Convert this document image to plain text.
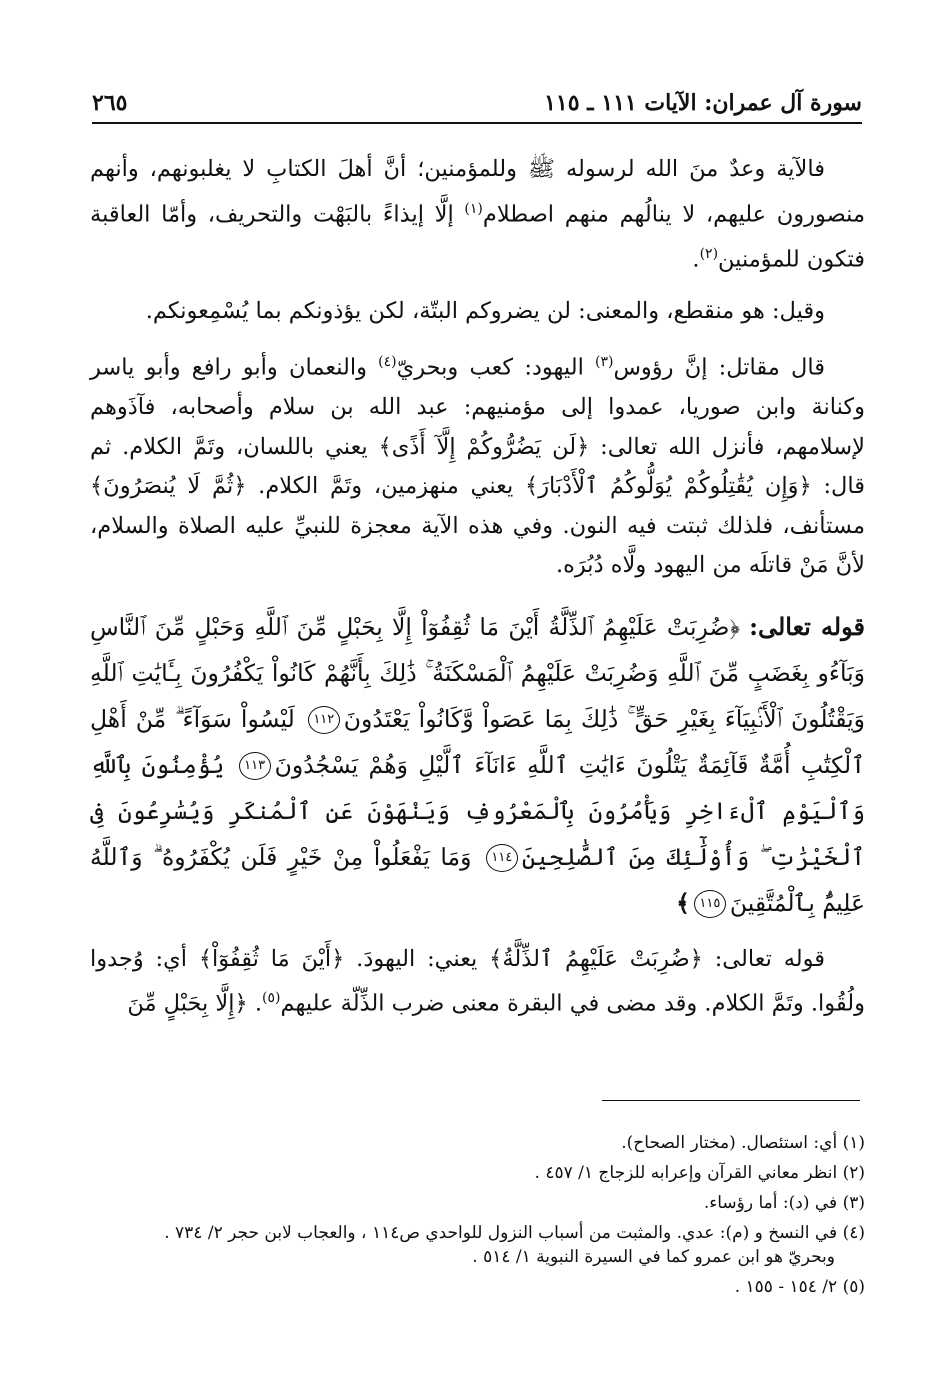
سورة آل عمران: الآيات ١١١ ـ ١١٥
٢٦٥

فالآية وعدٌ منَ الله لرسوله ﷺ وللمؤمنين؛ أنَّ أهلَ الكتابِ لا يغلبونهم، وأنهم منصورون عليهم، لا ينالُهم منهم اصطلام$^{(١)}$ إلَّا إيذاءً بالبَهْت والتحريف، وأمّا العاقبة فتكون للمؤمنين$^{(٢)}$.

وقيل: هو منقطع، والمعنى: لن يضروكم البتّة، لكن يؤذونكم بما يُسْمِعونكم.

قال مقاتل: إنَّ رؤوس$^{(٣)}$ اليهود: كعب وبحريّ$^{(٤)}$ والنعمان وأبو رافع وأبو ياسر وكنانة وابن صوريا، عمدوا إلى مؤمنيهم: عبد الله بن سلام وأصحابه، فآذَوهم لإسلامهم، فأنزل الله تعالى: ﴿لَن يَضُرُّوكُمْ إِلَّآ أَذًى﴾ يعني باللسان، وتَمَّ الكلام. ثم قال: ﴿وَإِن يُقَٰتِلُوكُمْ يُوَلُّوكُمُ ٱلْأَدْبَارَ﴾ يعني منهزمين، وتَمَّ الكلام. ﴿ثُمَّ لَا يُنصَرُونَ﴾ مستأنف، فلذلك ثبتت فيه النون. وفي هذه الآية معجزة للنبيِّ عليه الصلاة والسلام، لأنَّ مَنْ قاتلَه من اليهود ولَّاه دُبُرَه.

قوله تعالى: ﴿ضُرِبَتْ عَلَيْهِمُ ٱلذِّلَّةُ أَيْنَ مَا ثُقِفُوٓاْ إِلَّا بِحَبْلٍ مِّنَ ٱللَّهِ وَحَبْلٍ مِّنَ ٱلنَّاسِ وَبَآءُو بِغَضَبٍ مِّنَ ٱللَّهِ وَضُرِبَتْ عَلَيْهِمُ ٱلْمَسْكَنَةُ ۚ ذَٰلِكَ بِأَنَّهُمْ كَانُواْ يَكْفُرُونَ بِـَٔايَٰتِ ٱللَّهِ وَيَقْتُلُونَ ٱلْأَنۢبِيَآءَ بِغَيْرِ حَقٍّ ۚ ذَٰلِكَ بِمَا عَصَواْ وَّكَانُواْ يَعْتَدُونَ١١٢ لَيْسُواْ سَوَآءً ۗ مِّنْ أَهْلِ ٱلْكِتَٰبِ أُمَّةٌ قَآئِمَةٌ يَتْلُونَ ءَايَٰتِ ٱللَّهِ ءَانَآءَ ٱلَّيْلِ وَهُمْ يَسْجُدُونَ١١٣ يُؤْمِنُونَ بِٱللَّهِ وَٱلْيَوْمِ ٱلْءَاخِرِ وَيَأْمُرُونَ بِٱلْمَعْرُوفِ وَيَنْهَوْنَ عَنِ ٱلْمُنكَرِ وَيُسَٰرِعُونَ فِى ٱلْخَيْرَٰتِ ۖ وَأُوْلَٰٓئِكَ مِنَ ٱلصَّٰلِحِينَ١١٤ وَمَا يَفْعَلُواْ مِنْ خَيْرٍ فَلَن يُكْفَرُوهُ ۗ وَٱللَّهُ عَلِيمٌۢ بِٱلْمُتَّقِينَ١١٥﴾

قوله تعالى: ﴿ضُرِبَتْ عَلَيْهِمُ ٱلذِّلَّةُ﴾ يعني: اليهودَ. ﴿أَيْنَ مَا ثُقِفُوٓاْ﴾ أي: وُجدوا ولُقُوا. وتَمَّ الكلام. وقد مضى في البقرة معنى ضرب الذِّلّة عليهم$^{(٥)}$. ﴿إِلَّا بِحَبْلٍ مِّنَ

(١) أي: استئصال. (مختار الصحاح).
(٢) انظر معاني القرآن وإعرابه للزجاج ١/ ٤٥٧ .
(٣) في (د): أما رؤساء.
(٤) في النسخ و (م): عدي. والمثبت من أسباب النزول للواحدي ص١١٤ ، والعجاب لابن حجر ٢/ ٧٣٤ .
وبحريّ هو ابن عمرو كما في السيرة النبوية ١/ ٥١٤ .
(٥) ٢/ ١٥٤ - ١٥٥ .
